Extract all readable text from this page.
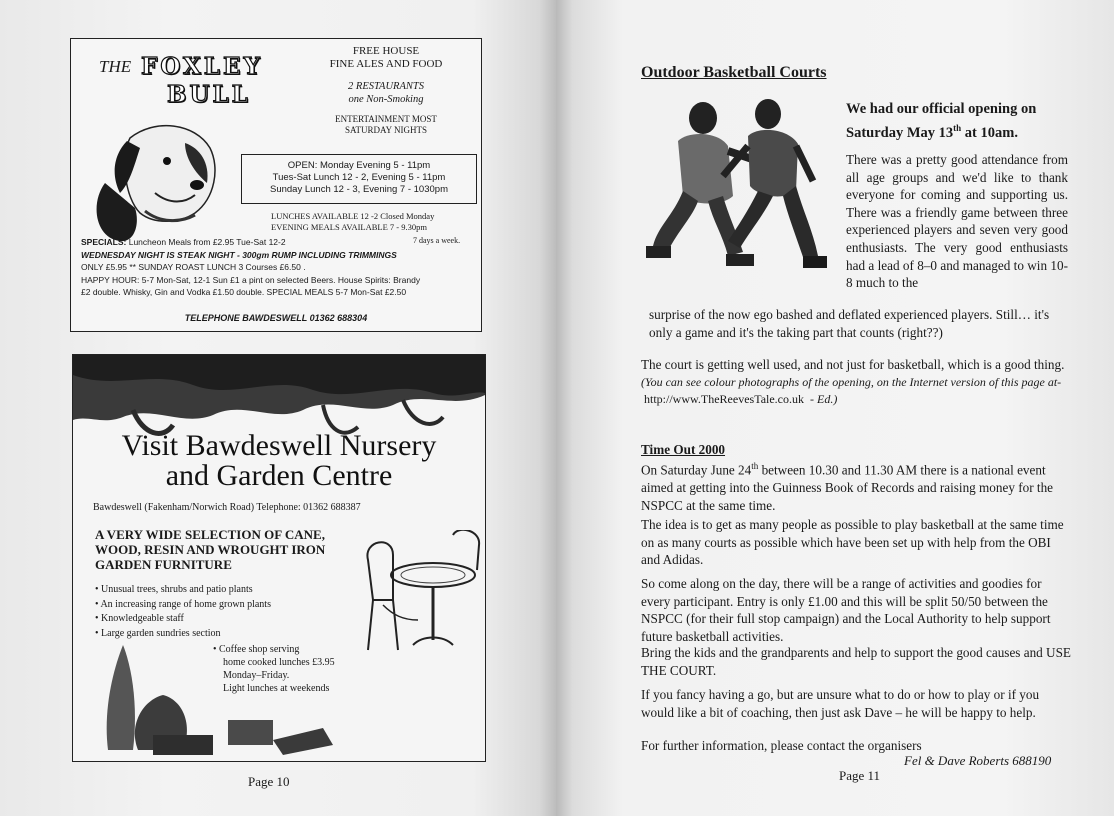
THE FOXLEY
BULL
FREE HOUSE
FINE ALES AND FOOD
2 RESTAURANTS
one Non-Smoking
ENTERTAINMENT MOST
SATURDAY NIGHTS
OPEN: Monday Evening 5 - 11pm
Tues-Sat Lunch 12 - 2, Evening 5 - 11pm
Sunday Lunch 12 - 3, Evening 7 - 1030pm
LUNCHES AVAILABLE 12 -2 Closed Monday
EVENING MEALS AVAILABLE 7 - 9.30pm
7 days a week.
SPECIALS: Luncheon Meals from £2.95 Tue-Sat 12-2
WEDNESDAY NIGHT IS STEAK NIGHT - 300gm RUMP INCLUDING TRIMMINGS
ONLY £5.95 ** SUNDAY ROAST LUNCH 3 Courses £6.50 .
HAPPY HOUR: 5-7 Mon-Sat, 12-1 Sun £1 a pint on selected Beers. House Spirits: Brandy
£2 double. Whisky, Gin and Vodka £1.50 double. SPECIAL MEALS 5-7 Mon-Sat £2.50
TELEPHONE BAWDESWELL 01362 688304
Visit Bawdeswell Nursery
and Garden Centre
Bawdeswell (Fakenham/Norwich Road) Telephone: 01362 688387
A VERY WIDE SELECTION OF CANE,
WOOD, RESIN AND WROUGHT IRON
GARDEN FURNITURE
• Unusual trees, shrubs and patio plants
• An increasing range of home grown plants
• Knowledgeable staff
• Large garden sundries section
• Coffee shop serving
home cooked lunches £3.95
Monday–Friday.
Light lunches at weekends
Page 10
Outdoor Basketball Courts
We had our official opening on
Saturday May 13th at 10am.
There was a pretty good attendance from all age groups and we'd like to thank everyone for coming and supporting us. There was a friendly game between three experienced players and seven very good enthusiasts. The very good enthusiasts had a lead of 8–0 and managed to win 10-8 much to the
surprise of the now ego bashed and deflated experienced players. Still… it's only a game and it's the taking part that counts (right??)
The court is getting well used, and not just for basketball, which is a good thing.
(You can see colour photographs of the opening, on the Internet version of this page at-  http://www.TheReevesTale.co.uk - Ed.)
Time Out 2000
On Saturday June 24th between 10.30 and 11.30 AM there is a national event aimed at getting into the Guinness Book of Records and raising money for the NSPCC at the same time.
The idea is to get as many people as possible to play basketball at the same time on as many courts as possible which have been set up with help from the OBI and Adidas.
So come along on the day, there will be a range of activities and goodies for every participant. Entry is only £1.00 and this will be split 50/50 between the NSPCC (for their full stop campaign) and the Local Authority to help support future basketball activities.
Bring the kids and the grandparents and help to support the good causes and USE THE COURT.
If you fancy having a go, but are unsure what to do or how to play or if you would like a bit of coaching, then just ask Dave – he will be happy to help.
For further information, please contact the organisers
Fel & Dave Roberts 688190
Page 11
